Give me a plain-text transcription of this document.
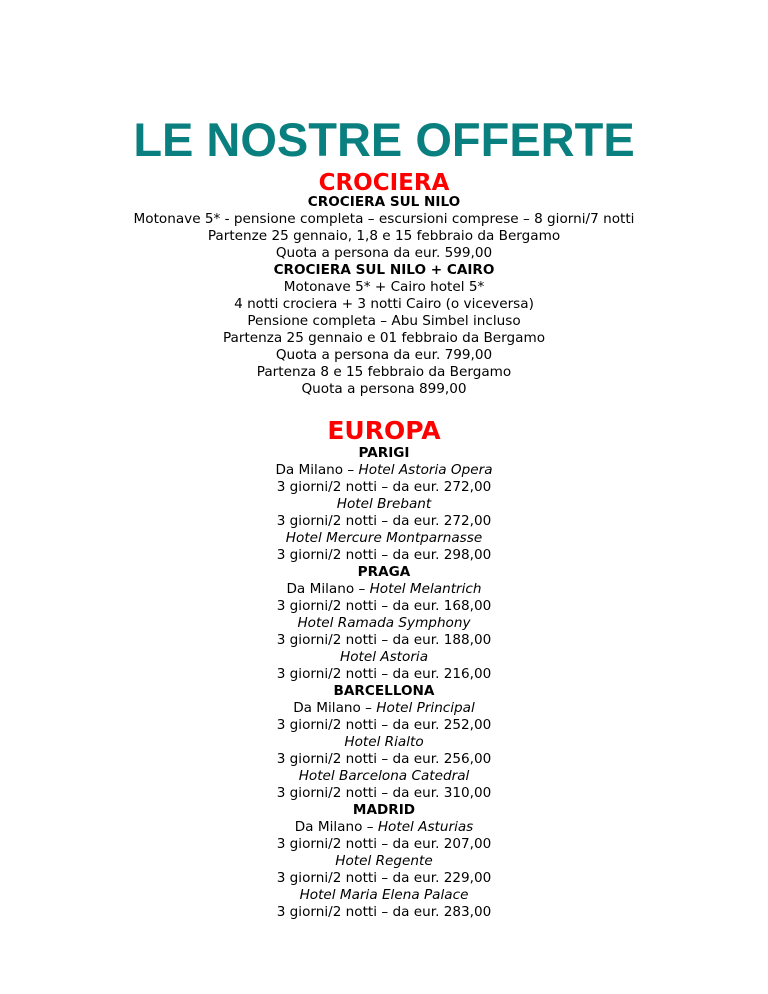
LE NOSTRE OFFERTE
CROCIERA
CROCIERA SUL NILO
Motonave 5* - pensione completa – escursioni comprese – 8 giorni/7 notti
Partenze 25 gennaio, 1,8 e 15 febbraio da Bergamo
Quota a persona da eur. 599,00
CROCIERA SUL NILO + CAIRO
Motonave 5* + Cairo hotel 5*
4 notti crociera + 3 notti Cairo (o viceversa)
Pensione completa – Abu Simbel incluso
Partenza 25 gennaio e 01 febbraio da Bergamo
Quota a persona da eur. 799,00
Partenza 8 e 15 febbraio da Bergamo
Quota a persona 899,00
EUROPA
PARIGI
Da Milano – Hotel Astoria Opera
3 giorni/2 notti – da eur. 272,00
Hotel Brebant
3 giorni/2 notti – da eur. 272,00
Hotel Mercure Montparnasse
3 giorni/2 notti – da eur. 298,00
PRAGA
Da Milano – Hotel Melantrich
3 giorni/2 notti – da eur. 168,00
Hotel Ramada Symphony
3 giorni/2 notti – da eur. 188,00
Hotel Astoria
3 giorni/2 notti – da eur. 216,00
BARCELLONA
Da Milano – Hotel Principal
3 giorni/2 notti – da eur. 252,00
Hotel Rialto
3 giorni/2 notti – da eur. 256,00
Hotel Barcelona Catedral
3 giorni/2 notti – da eur. 310,00
MADRID
Da Milano – Hotel Asturias
3 giorni/2 notti – da eur. 207,00
Hotel Regente
3 giorni/2 notti – da eur. 229,00
Hotel Maria Elena Palace
3 giorni/2 notti – da eur. 283,00
